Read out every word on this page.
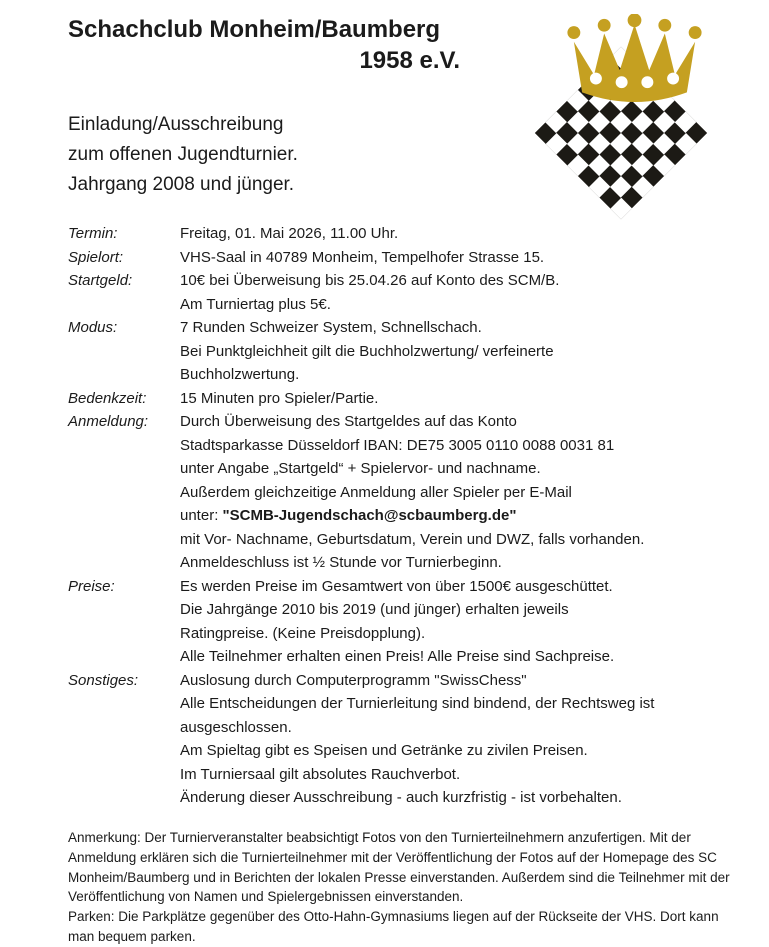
Schachclub Monheim/Baumberg
1958 e.V.
Einladung/Ausschreibung
zum offenen Jugendturnier.
Jahrgang 2008 und jünger.
Termin:	Freitag, 01. Mai 2026, 11.00 Uhr.
Spielort:	VHS-Saal in 40789 Monheim, Tempelhofer Strasse 15.
Startgeld:	10€ bei Überweisung bis 25.04.26 auf Konto des SCM/B.
Am Turniertag plus 5€.
Modus:	7 Runden Schweizer System, Schnellschach.
Bei Punktgleichheit gilt die Buchholzwertung/ verfeinerte
Buchholzwertung.
Bedenkzeit:	15 Minuten pro Spieler/Partie.
Anmeldung:	Durch Überweisung des Startgeldes auf das Konto
Stadtsparkasse Düsseldorf IBAN: DE75 3005 0110 0088 0031 81
unter Angabe „Startgeld“ + Spielervor- und nachname.
Außerdem gleichzeitige Anmeldung aller Spieler per E-Mail
unter: "SCMB-Jugendschach@scbaumberg.de"
mit Vor- Nachname, Geburtsdatum, Verein und DWZ, falls vorhanden.
Anmeldeschluss ist ½ Stunde vor Turnierbeginn.
Preise:	Es werden Preise im Gesamtwert von über 1500€ ausgeschüttet.
Die Jahrgänge 2010 bis 2019 (und jünger) erhalten jeweils
Ratingpreise. (Keine Preisdopplung).
Alle Teilnehmer erhalten einen Preis! Alle Preise sind Sachpreise.
Sonstiges:	Auslosung durch Computerprogramm "SwissChess"
Alle Entscheidungen der Turnierleitung sind bindend, der Rechtsweg ist
ausgeschlossen.
Am Spieltag gibt es Speisen und Getränke zu zivilen Preisen.
Im Turniersaal gilt absolutes Rauchverbot.
Änderung dieser Ausschreibung - auch kurzfristig - ist vorbehalten.

Anmerkung: Der Turnierveranstalter beabsichtigt Fotos von den Turnierteilnehmern anzufertigen. Mit der Anmeldung erklären sich die Turnierteilnehmer mit der Veröffentlichung der Fotos auf der Homepage des SC Monheim/Baumberg und in Berichten der lokalen Presse einverstanden. Außerdem sind die Teilnehmer mit der Veröffentlichung von Namen und Spielergebnissen einverstanden.

Parken: Die Parkplätze gegenüber des Otto-Hahn-Gymnasiums liegen auf der Rückseite der VHS. Dort kann man bequem parken.
